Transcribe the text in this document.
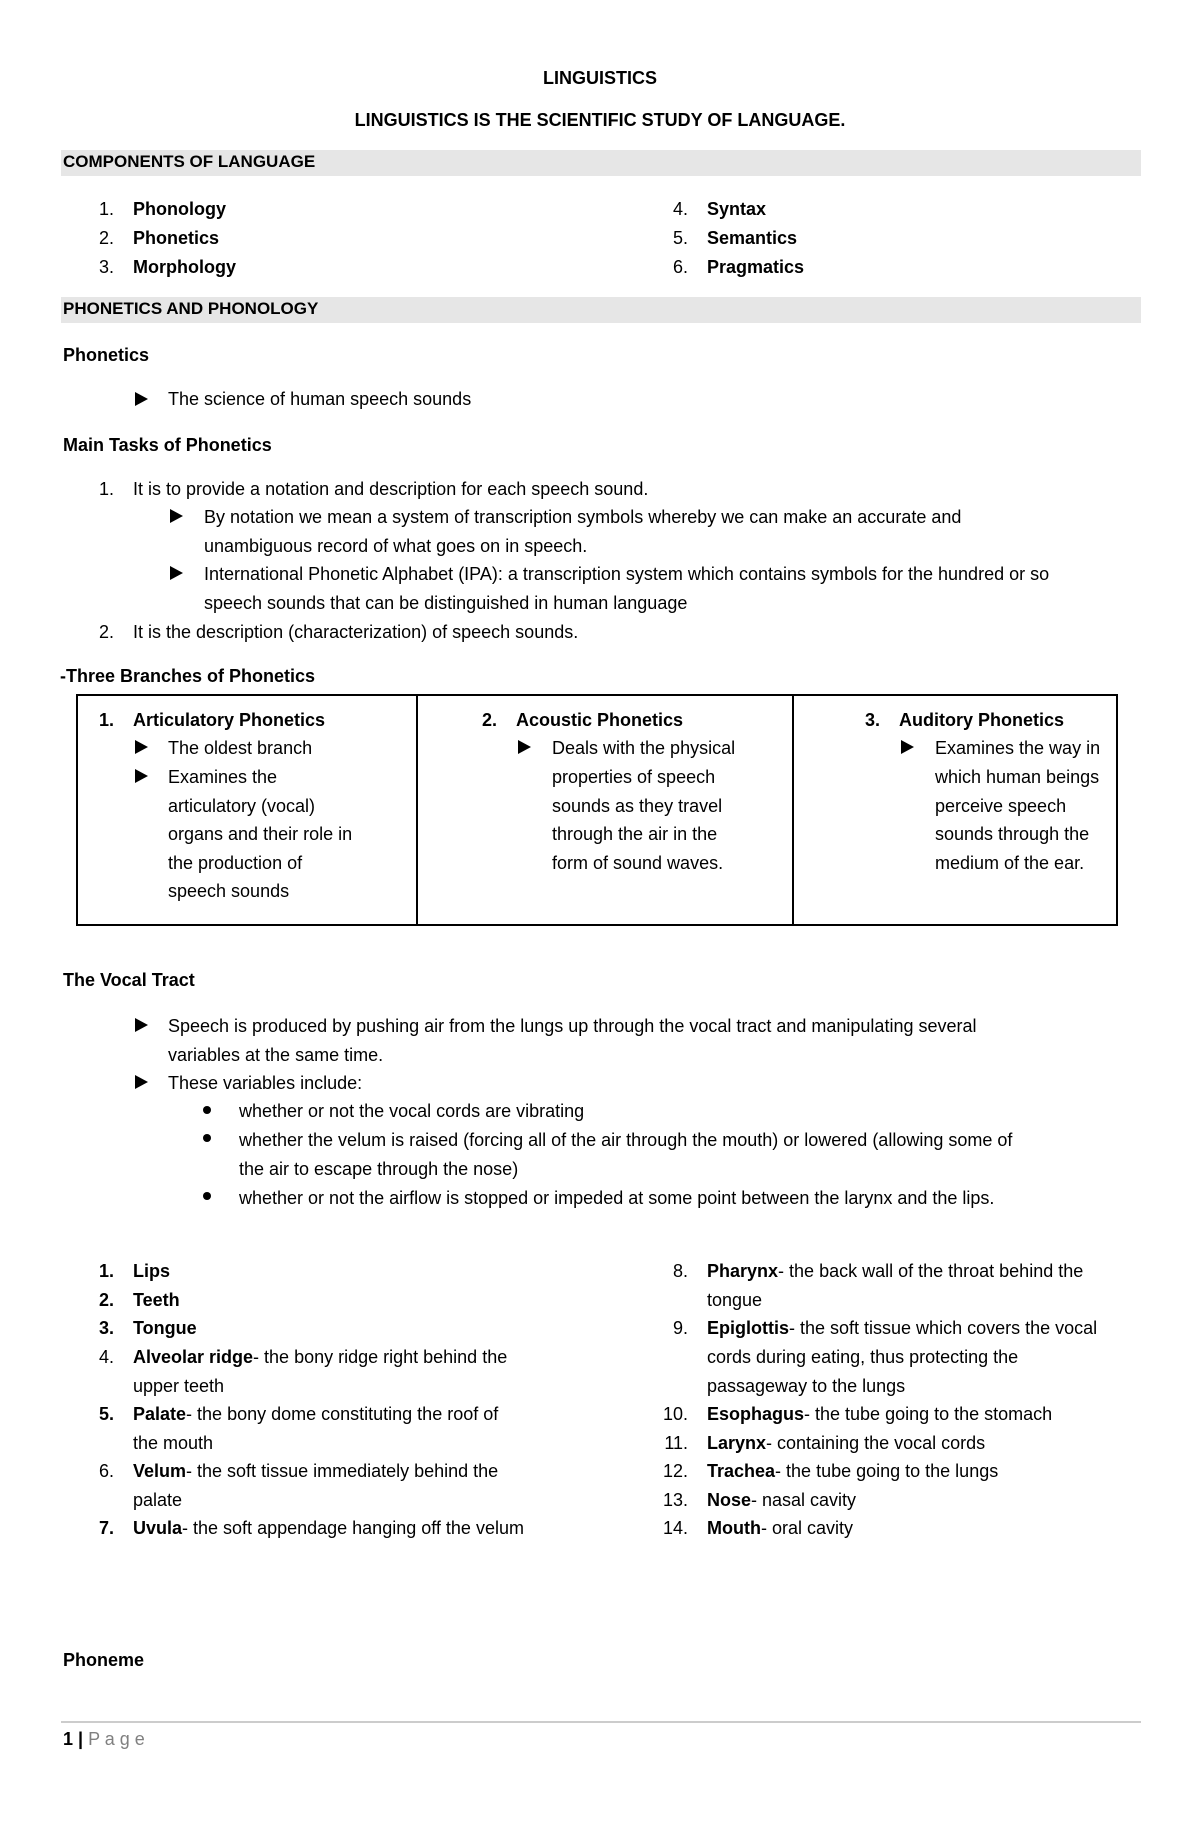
LINGUISTICS
LINGUISTICS IS THE SCIENTIFIC STUDY OF LANGUAGE.
COMPONENTS OF LANGUAGE
1. Phonology
2. Phonetics
3. Morphology
4. Syntax
5. Semantics
6. Pragmatics
PHONETICS AND PHONOLOGY
Phonetics
The science of human speech sounds
Main Tasks of Phonetics
1. It is to provide a notation and description for each speech sound.
By notation we mean a system of transcription symbols whereby we can make an accurate and
unambiguous record of what goes on in speech.
International Phonetic Alphabet (IPA): a transcription system which contains symbols for the hundred or so
speech sounds that can be distinguished in human language
2. It is the description (characterization) of speech sounds.
-Three Branches of Phonetics
1. Articulatory Phonetics
The oldest branch
Examines the
articulatory (vocal)
organs and their role in
the production of
speech sounds
2. Acoustic Phonetics
Deals with the physical
properties of speech
sounds as they travel
through the air in the
form of sound waves.
3. Auditory Phonetics
Examines the way in
which human beings
perceive speech
sounds through the
medium of the ear.
The Vocal Tract
Speech is produced by pushing air from the lungs up through the vocal tract and manipulating several
variables at the same time.
These variables include:
whether or not the vocal cords are vibrating
whether the velum is raised (forcing all of the air through the mouth) or lowered (allowing some of
the air to escape through the nose)
whether or not the airflow is stopped or impeded at some point between the larynx and the lips.
1. Lips
2. Teeth
3. Tongue
4. Alveolar ridge- the bony ridge right behind the
upper teeth
5. Palate- the bony dome constituting the roof of
the mouth
6. Velum- the soft tissue immediately behind the
palate
7. Uvula- the soft appendage hanging off the velum
8. Pharynx- the back wall of the throat behind the
tongue
9. Epiglottis- the soft tissue which covers the vocal
cords during eating, thus protecting the
passageway to the lungs
10. Esophagus- the tube going to the stomach
11. Larynx- containing the vocal cords
12. Trachea- the tube going to the lungs
13. Nose- nasal cavity
14. Mouth- oral cavity
Phoneme
1 | P a g e
